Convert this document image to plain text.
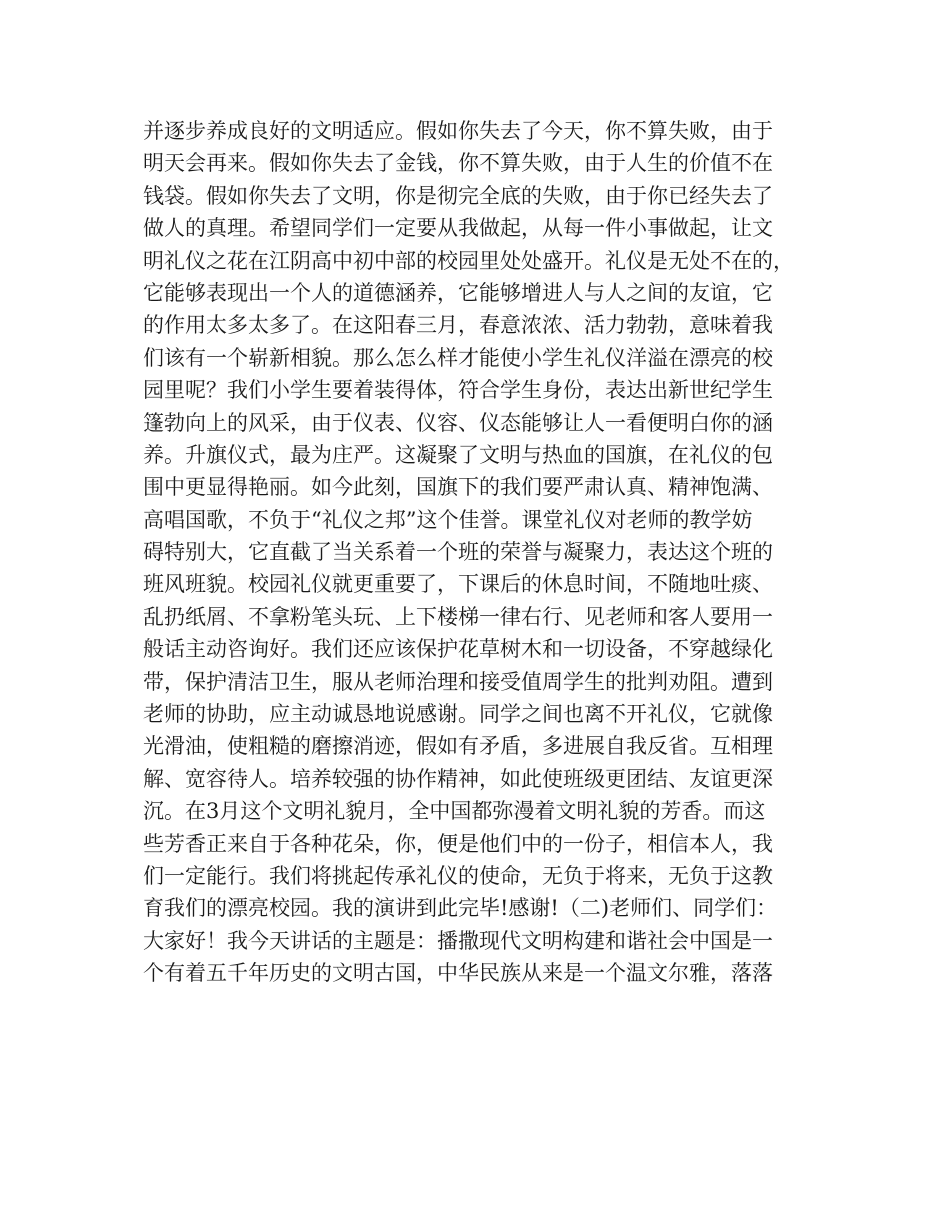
并逐步养成良好的文明适应。假如你失去了今天，你不算失败，由于
明天会再来。假如你失去了金钱，你不算失败，由于人生的价值不在
钱袋。假如你失去了文明，你是彻完全底的失败，由于你已经失去了
做人的真理。希望同学们一定要从我做起，从每一件小事做起，让文
明礼仪之花在江阴高中初中部的校园里处处盛开。礼仪是无处不在的，
它能够表现出一个人的道德涵养，它能够增进人与人之间的友谊，它
的作用太多太多了。在这阳春三月，春意浓浓、活力勃勃，意味着我
们该有一个崭新相貌。那么怎么样才能使小学生礼仪洋溢在漂亮的校
园里呢？我们小学生要着装得体，符合学生身份，表达出新世纪学生
篷勃向上的风采，由于仪表、仪容、仪态能够让人一看便明白你的涵
养。升旗仪式，最为庄严。这凝聚了文明与热血的国旗，在礼仪的包
围中更显得艳丽。如今此刻，国旗下的我们要严肃认真、精神饱满、
高唱国歌，不负于“礼仪之邦”这个佳誉。课堂礼仪对老师的教学妨
碍特别大，它直截了当关系着一个班的荣誉与凝聚力，表达这个班的
班风班貌。校园礼仪就更重要了，下课后的休息时间，不随地吐痰、
乱扔纸屑、不拿粉笔头玩、上下楼梯一律右行、见老师和客人要用一
般话主动咨询好。我们还应该保护花草树木和一切设备，不穿越绿化
带，保护清洁卫生，服从老师治理和接受值周学生的批判劝阻。遭到
老师的协助，应主动诚恳地说感谢。同学之间也离不开礼仪，它就像
光滑油，使粗糙的磨擦消迹，假如有矛盾，多进展自我反省。互相理
解、宽容待人。培养较强的协作精神，如此使班级更团结、友谊更深
沉。在3月这个文明礼貌月，全中国都弥漫着文明礼貌的芳香。而这
些芳香正来自于各种花朵，你，便是他们中的一份子，相信本人，我
们一定能行。我们将挑起传承礼仪的使命，无负于将来，无负于这教
育我们的漂亮校园。我的演讲到此完毕!感谢!（二)老师们、同学们：
大家好！我今天讲话的主题是：播撒现代文明构建和谐社会中国是一
个有着五千年历史的文明古国，中华民族从来是一个温文尔雅，落落
